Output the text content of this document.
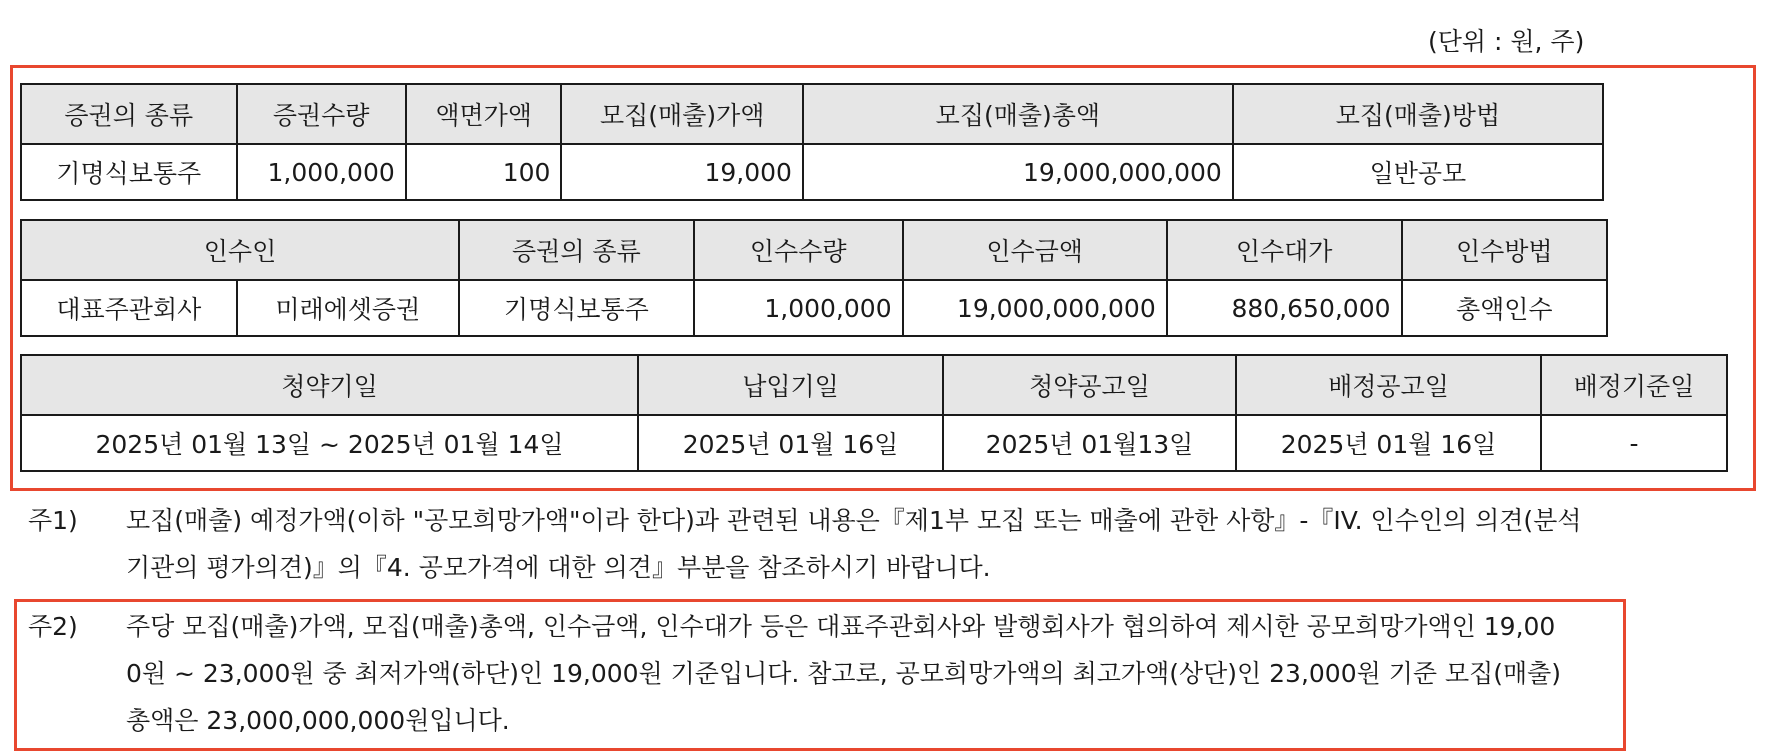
(단위 : 원, 주)
증권의 종류	증권수량	액면가액	모집(매출)가액	모집(매출)총액	모집(매출)방법
기명식보통주	1,000,000	100	19,000	19,000,000,000	일반공모
인수인		증권의 종류	인수수량	인수금액	인수대가	인수방법
대표주관회사	미래에셋증권	기명식보통주	1,000,000	19,000,000,000	880,650,000	총액인수
청약기일	납입기일	청약공고일	배정공고일	배정기준일
2025년 01월 13일 ~ 2025년 01월 14일	2025년 01월 16일	2025년 01월13일	2025년 01월 16일	-
주1) 모집(매출) 예정가액(이하 "공모희망가액"이라 한다)과 관련된 내용은『제1부 모집 또는 매출에 관한 사항』-『IV. 인수인의 의견(분석
기관의 평가의견)』의『4. 공모가격에 대한 의견』부분을 참조하시기 바랍니다.
주2) 주당 모집(매출)가액, 모집(매출)총액, 인수금액, 인수대가 등은 대표주관회사와 발행회사가 협의하여 제시한 공모희망가액인 19,00
0원 ~ 23,000원 중 최저가액(하단)인 19,000원 기준입니다. 참고로, 공모희망가액의 최고가액(상단)인 23,000원 기준 모집(매출)
총액은 23,000,000,000원입니다.
